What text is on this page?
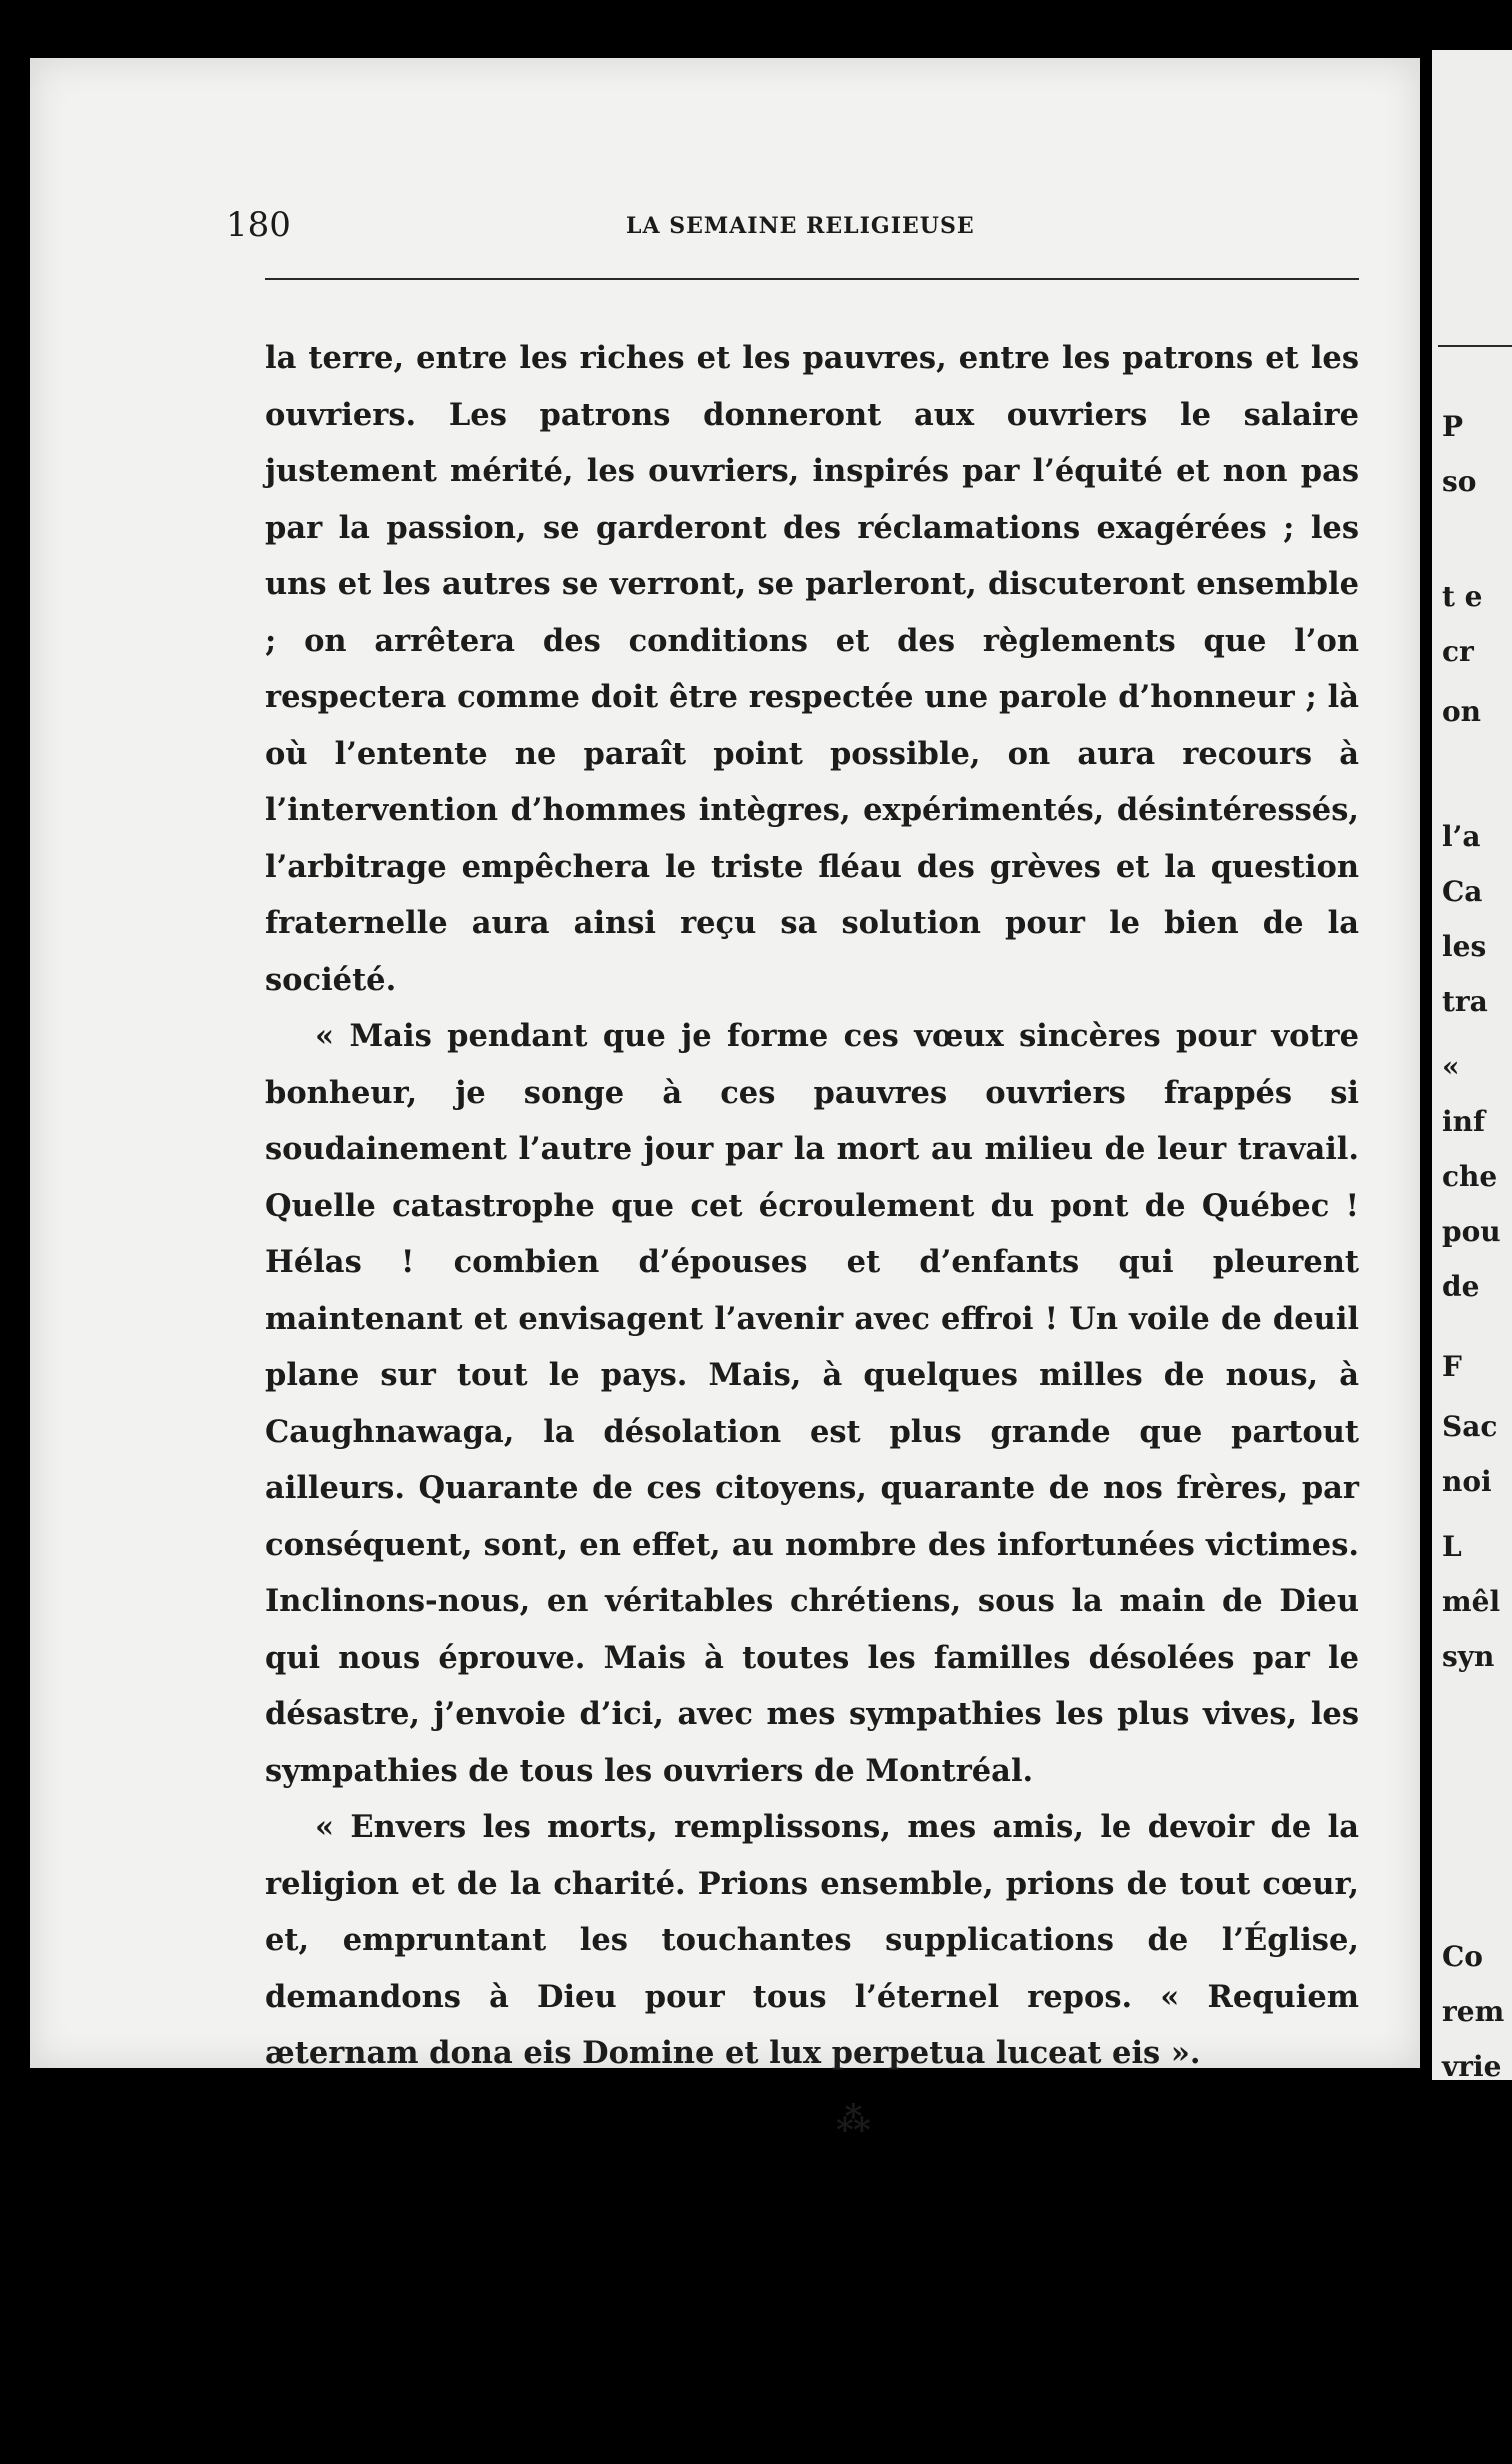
180	LA SEMAINE RELIGIEUSE

la terre, entre les riches et les pauvres, entre les patrons et les ouvriers. Les patrons donneront aux ouvriers le salaire justement mérité, les ouvriers, inspirés par l’équité et non pas par la passion, se garderont des réclamations exagérées ; les uns et les autres se verront, se parleront, discuteront ensemble ; on arrêtera des conditions et des règlements que l’on respectera comme doit être respectée une parole d’honneur ; là où l’entente ne paraît point possible, on aura recours à l’intervention d’hommes intègres, expérimentés, désintéressés, l’arbitrage empêchera le triste fléau des grèves et la question fraternelle aura ainsi reçu sa solution pour le bien de la société.

« Mais pendant que je forme ces vœux sincères pour votre bonheur, je songe à ces pauvres ouvriers frappés si soudainement l’autre jour par la mort au milieu de leur travail. Quelle catastrophe que cet écroulement du pont de Québec ! Hélas ! combien d’épouses et d’enfants qui pleurent maintenant et envisagent l’avenir avec effroi ! Un voile de deuil plane sur tout le pays. Mais, à quelques milles de nous, à Caughnawaga, la désolation est plus grande que partout ailleurs. Quarante de ces citoyens, quarante de nos frères, par conséquent, sont, en effet, au nombre des infortunées victimes. Inclinons-nous, en véritables chrétiens, sous la main de Dieu qui nous éprouve. Mais à toutes les familles désolées par le désastre, j’envoie d’ici, avec mes sympathies les plus vives, les sympathies de tous les ouvriers de Montréal.

« Envers les morts, remplissons, mes amis, le devoir de la religion et de la charité. Prions ensemble, prions de tout cœur, et, empruntant les touchantes supplications de l’Église, demandons à Dieu pour tous l’éternel repos. « Requiem æternam dona eis Domine et lux perpetua luceat eis ».

⁂
P
so
t e
cr
on
l’a
Ca
les
tra
«
inf
che
pou
de
F
Sac
noi
L
mêl
syn
Co
rem
vrie
